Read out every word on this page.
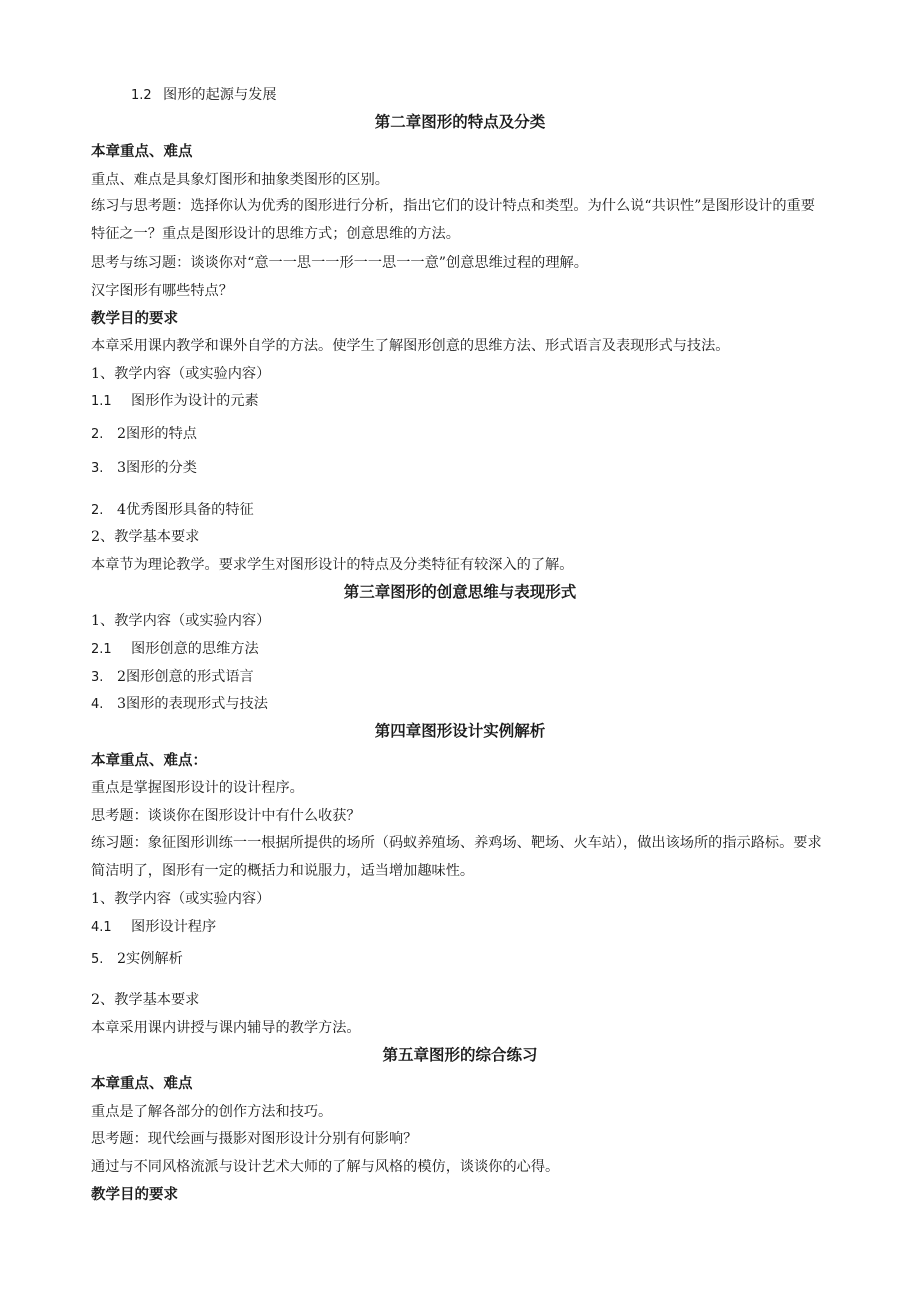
1.2 图形的起源与发展
第二章图形的特点及分类
本章重点、难点
重点、难点是具象灯图形和抽象类图形的区别。
练习与思考题：选择你认为优秀的图形进行分析，指出它们的设计特点和类型。为什么说“共识性”是图形设计的重要特征之一？重点是图形设计的思维方式；创意思维的方法。
思考与练习题：谈谈你对“意一一思一一形一一思一一意”创意思维过程的理解。
汉字图形有哪些特点？
教学目的要求
本章采用课内教学和课外自学的方法。使学生了解图形创意的思维方法、形式语言及表现形式与技法。
1、教学内容（或实验内容）
1.1 图形作为设计的元素
2. 2图形的特点
3. 3图形的分类
2. 4优秀图形具备的特征
2、教学基本要求
本章节为理论教学。要求学生对图形设计的特点及分类特征有较深入的了解。
第三章图形的创意思维与表现形式
1、教学内容（或实验内容）
2.1 图形创意的思维方法
3. 2图形创意的形式语言
4. 3图形的表现形式与技法
第四章图形设计实例解析
本章重点、难点：
重点是掌握图形设计的设计程序。
思考题：谈谈你在图形设计中有什么收获？
练习题：象征图形训练一一根据所提供的场所（码蚁养殖场、养鸡场、靶场、火车站），做出该场所的指示路标。要求简洁明了，图形有一定的概括力和说服力，适当增加趣味性。
1、教学内容（或实验内容）
4.1 图形设计程序
5. 2实例解析
2、教学基本要求
本章采用课内讲授与课内辅导的教学方法。
第五章图形的综合练习
本章重点、难点
重点是了解各部分的创作方法和技巧。
思考题：现代绘画与摄影对图形设计分别有何影响？
通过与不同风格流派与设计艺术大师的了解与风格的模仿，谈谈你的心得。
教学目的要求
